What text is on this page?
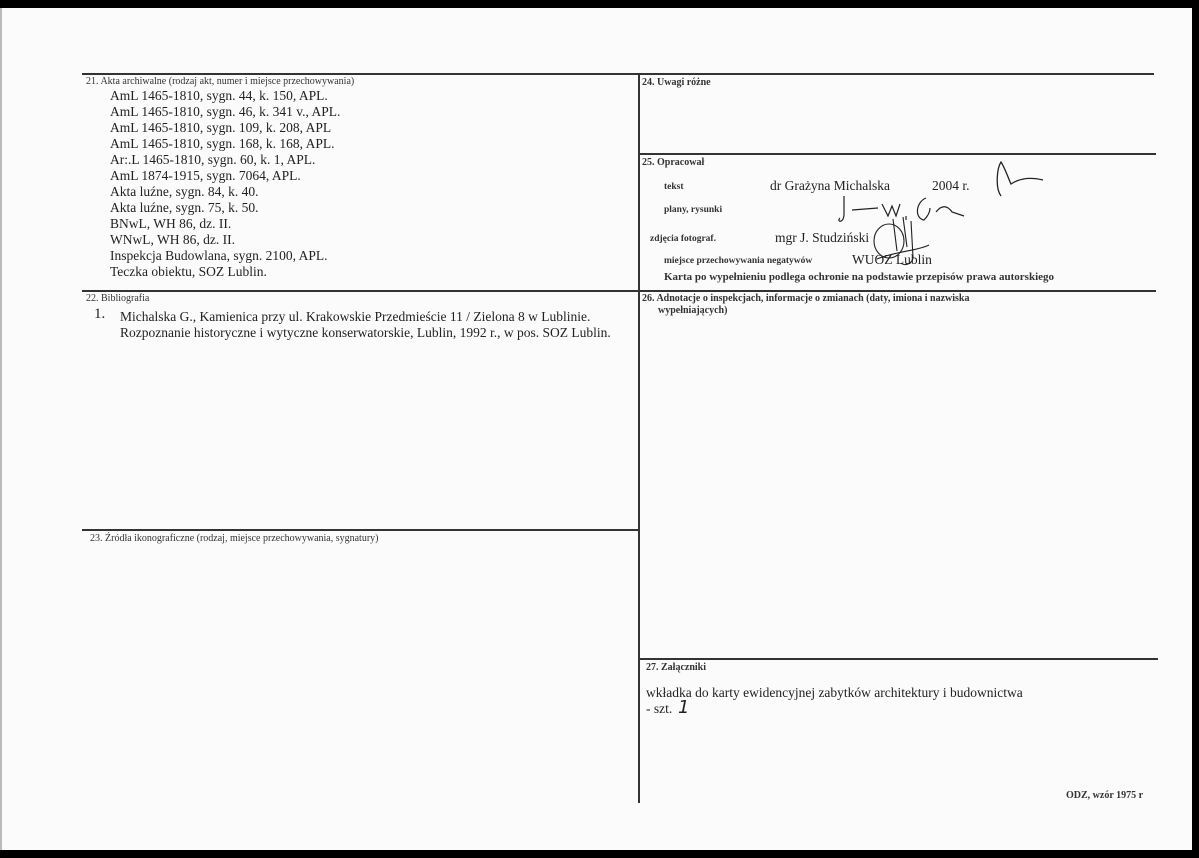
21. Akta archiwalne (rodzaj akt, numer i miejsce przechowywania)
AmL 1465-1810, sygn. 44, k. 150, APL.
AmL 1465-1810, sygn. 46, k. 341 v., APL.
AmL 1465-1810, sygn. 109, k. 208, APL
AmL 1465-1810, sygn. 168, k. 168, APL.
Ar:.L 1465-1810, sygn. 60, k. 1, APL.
AmL 1874-1915, sygn. 7064, APL.
Akta luźne, sygn. 84, k. 40.
Akta luźne, sygn. 75, k. 50.
BNwL, WH 86, dz. II.
WNwL, WH 86, dz. II.
Inspekcja Budowlana, sygn. 2100, APL.
Teczka obiektu, SOZ Lublin.
22. Bibliografia
1. Michalska G., Kamienica przy ul. Krakowskie Przedmieście 11 / Zielona 8 w Lublinie.
Rozpoznanie historyczne i wytyczne konserwatorskie, Lublin, 1992 r., w pos. SOZ Lublin.
23. Źródła ikonograficzne (rodzaj, miejsce przechowywania, sygnatury)
24. Uwagi różne
25. Opracował
tekst	dr Grażyna Michalska	2004 r.
plany, rysunki
zdjęcia fotograf.	mgr J. Studziński
miejsce przechowywania negatywów	WUOZ Lublin
Karta po wypełnieniu podlega ochronie na podstawie przepisów prawa autorskiego
26. Adnotacje o inspekcjach, informacje o zmianach (daty, imiona i nazwiska
wypełniających)
27. Załączniki
wkładka do karty ewidencyjnej zabytków architektury i budownictwa
- szt. 1
ODZ, wzór 1975 r
